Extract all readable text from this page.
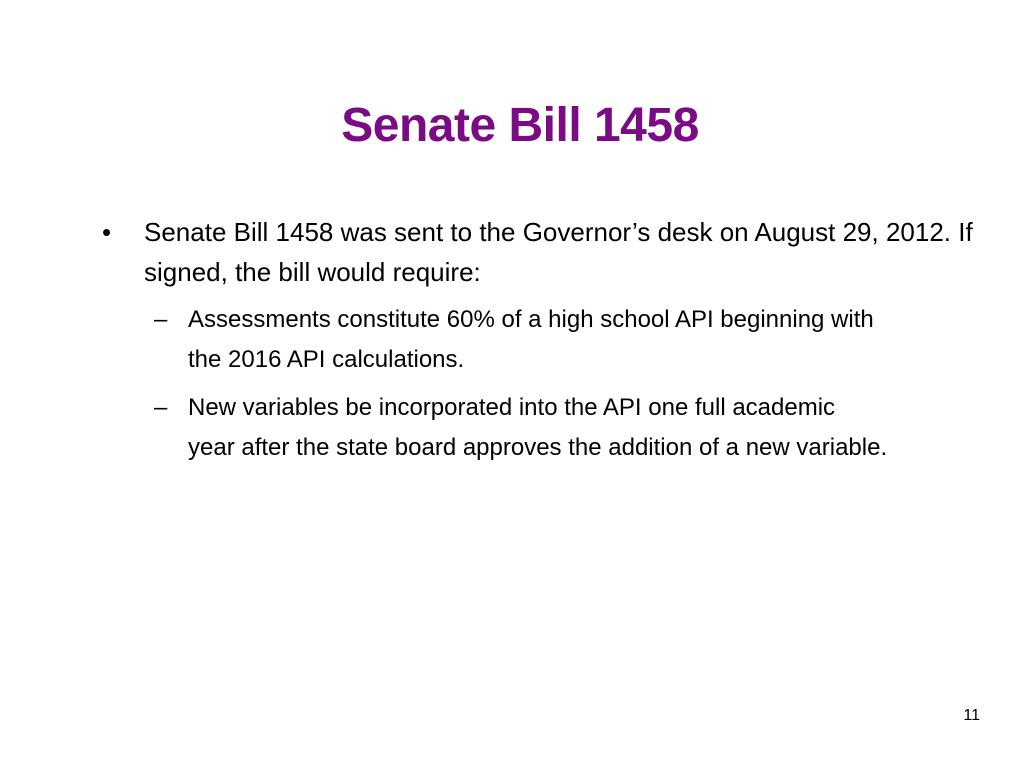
Senate Bill 1458
•	Senate Bill 1458 was sent to the Governor’s desk on August 29, 2012. If signed, the bill would require:
– Assessments constitute 60% of a high school API beginning with the 2016 API calculations.
– New variables be incorporated into the API one full academic year after the state board approves the addition of a new variable.
11
